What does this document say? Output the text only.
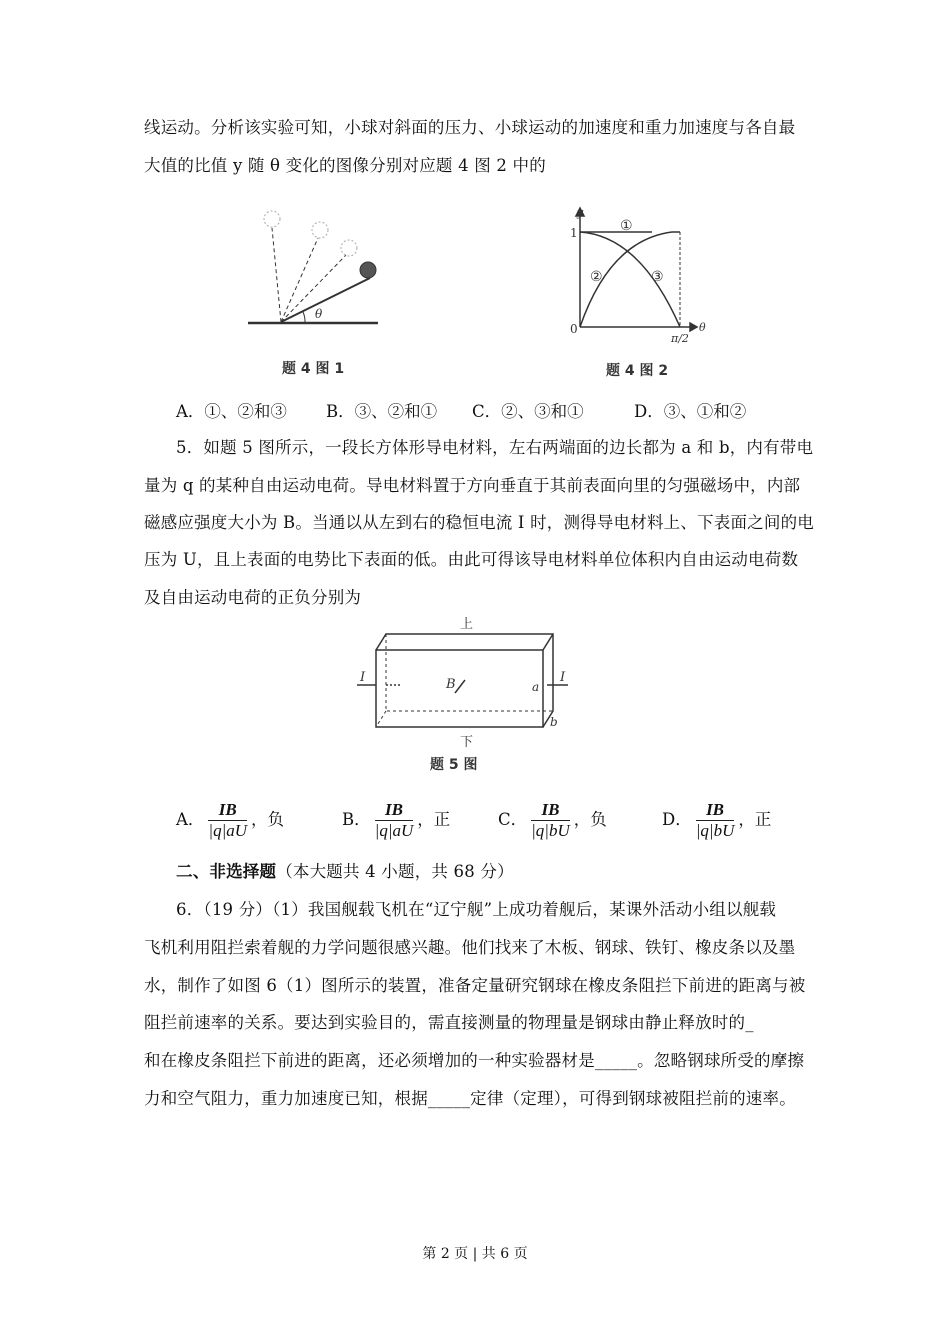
线运动。分析该实验可知，小球对斜面的压力、小球运动的加速度和重力加速度与各自最
大值的比值 y 随 θ 变化的图像分别对应题 4 图 2 中的
θ
y
1
0
π/2
θ
①
②	③
上
下
I	I
B	a
b
题 4 图 1	题 4 图 2
题 5 图
A．①、②和③ B．③、②和① C．②、③和①	D．③、①和②
5．如题 5 图所示，一段长方体形导电材料，左右两端面的边长都为 a 和 b，内有带电
量为 q 的某种自由运动电荷。导电材料置于方向垂直于其前表面向里的匀强磁场中，内部
磁感应强度大小为 B。当通以从左到右的稳恒电流 I 时，测得导电材料上、下表面之间的电
压为 U，且上表面的电势比下表面的低。由此可得该导电材料单位体积内自由运动电荷数
及自由运动电荷的正负分别为
A． $\frac{IB}{|q|aU}$ ，负	B． $\frac{IB}{|q|aU}$ ，正	C． $\frac{IB}{|q|bU}$ ，负	D． $\frac{IB}{|q|bU}$ ，正
二、非选择题（本大题共 4 小题，共 68 分）
6．（19 分）（1）我国舰载飞机在“辽宁舰”上成功着舰后，某课外活动小组以舰载
飞机利用阻拦索着舰的力学问题很感兴趣。他们找来了木板、钢球、铁钉、橡皮条以及墨
水，制作了如图 6（1）图所示的装置，准备定量研究钢球在橡皮条阻拦下前进的距离与被
阻拦前速率的关系。要达到实验目的，需直接测量的物理量是钢球由静止释放时的_
和在橡皮条阻拦下前进的距离，还必须增加的一种实验器材是_____。忽略钢球所受的摩擦
力和空气阻力，重力加速度已知，根据_____定律（定理），可得到钢球被阻拦前的速率。
第 2 页 | 共 6 页
